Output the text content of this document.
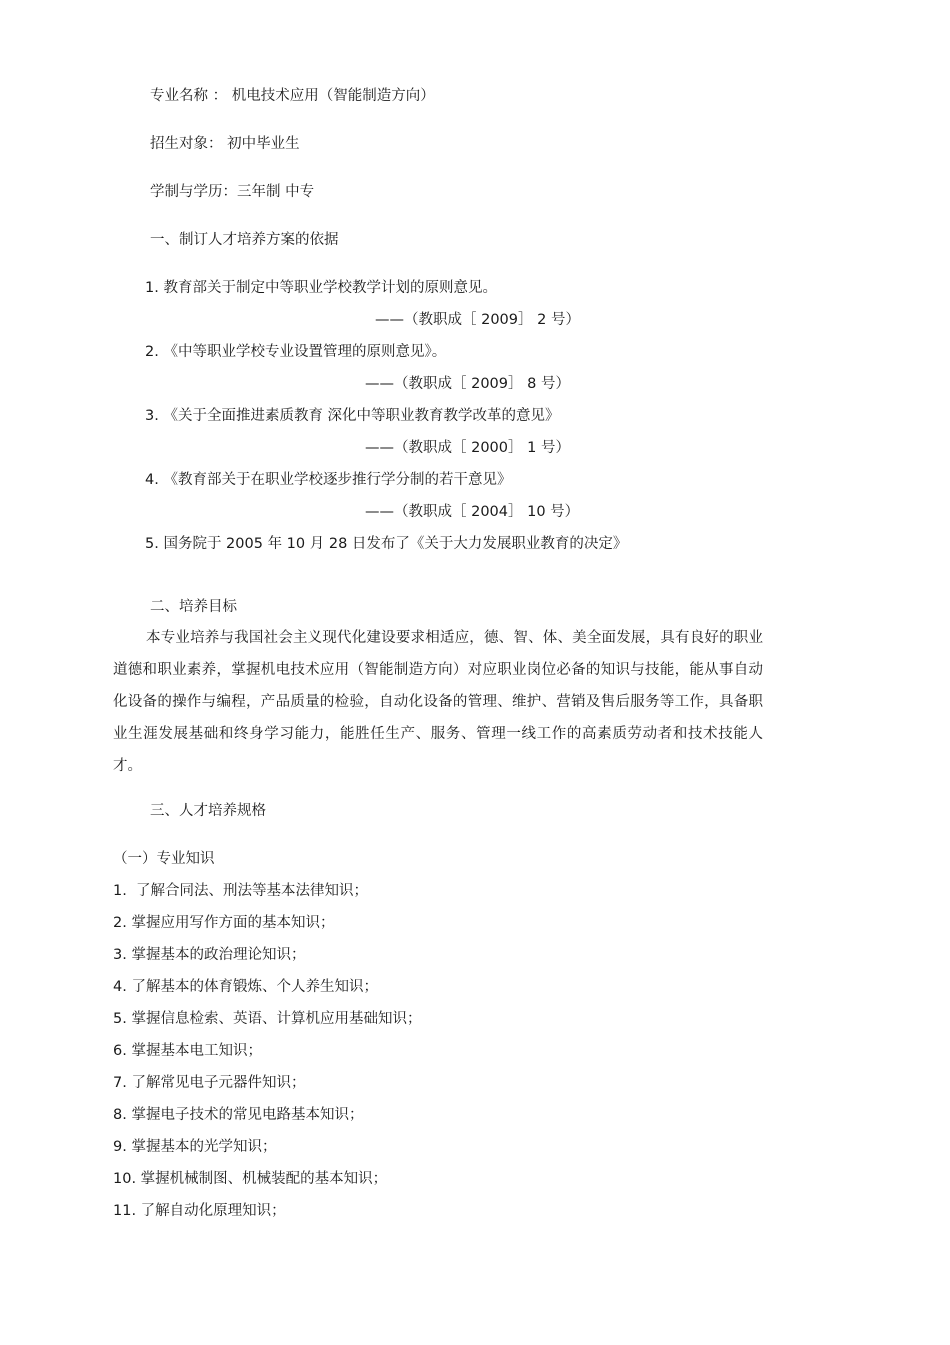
专业名称 ： 机电技术应用（智能制造方向）

招生对象： 初中毕业生

学制与学历：三年制 中专

一、制订人才培养方案的依据

1. 教育部关于制定中等职业学校教学计划的原则意见。

——（教职成［ 2009］ 2 号）

2. 《中等职业学校专业设置管理的原则意见》。

——（教职成［ 2009］ 8 号）

3. 《关于全面推进素质教育 深化中等职业教育教学改革的意见》

——（教职成［ 2000］ 1 号）

4. 《教育部关于在职业学校逐步推行学分制的若干意见》

——（教职成［ 2004］ 10 号）

5. 国务院于 2005 年 10 月 28 日发布了《关于大力发展职业教育的决定》

二、培养目标

本专业培养与我国社会主义现代化建设要求相适应，德、智、体、美全面发展，具有良好的职业道德和职业素养，掌握机电技术应用（智能制造方向）对应职业岗位必备的知识与技能，能从事自动化设备的操作与编程，产品质量的检验，自动化设备的管理、维护、营销及售后服务等工作，具备职业生涯发展基础和终身学习能力，能胜任生产、服务、管理一线工作的高素质劳动者和技术技能人才。

三、人才培养规格

（一）专业知识

1.  了解合同法、刑法等基本法律知识；

2. 掌握应用写作方面的基本知识；

3. 掌握基本的政治理论知识；

4. 了解基本的体育锻炼、个人养生知识；

5. 掌握信息检索、英语、计算机应用基础知识；

6. 掌握基本电工知识；

7. 了解常见电子元器件知识；

8. 掌握电子技术的常见电路基本知识；

9. 掌握基本的光学知识；

10. 掌握机械制图、机械装配的基本知识；

11. 了解自动化原理知识；
